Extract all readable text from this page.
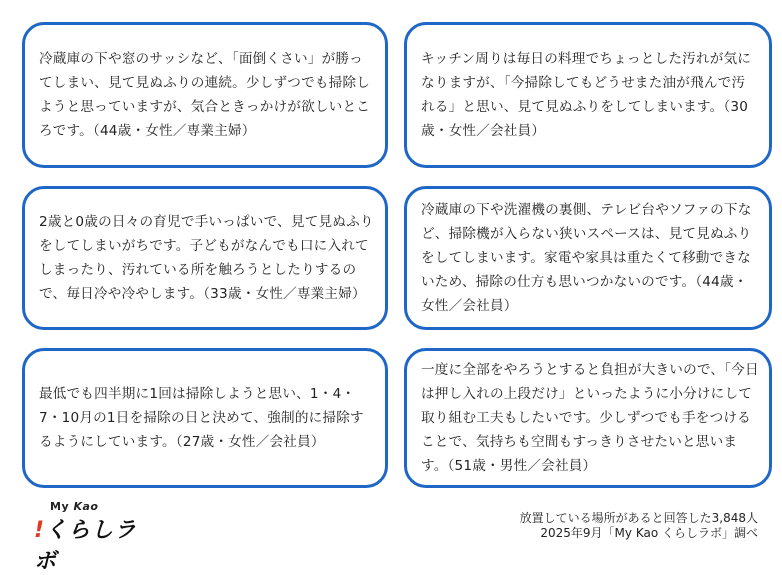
冷蔵庫の下や窓のサッシなど、「面倒くさい」が勝ってしまい、見て見ぬふりの連続。少しずつでも掃除しようと思っていますが、気合ときっかけが欲しいところです。（44歳・女性／専業主婦）

キッチン周りは毎日の料理でちょっとした汚れが気になりますが、「今掃除してもどうせまた油が飛んで汚れる」と思い、見て見ぬふりをしてしまいます。（30歳・女性／会社員）

2歳と0歳の日々の育児で手いっぱいで、見て見ぬふりをしてしまいがちです。子どもがなんでも口に入れてしまったり、汚れている所を触ろうとしたりするので、毎日冷や冷やします。（33歳・女性／専業主婦）

冷蔵庫の下や洗濯機の裏側、テレビ台やソファの下など、掃除機が入らない狭いスペースは、見て見ぬふりをしてしまいます。家電や家具は重たくて移動できないため、掃除の仕方も思いつかないのです。（44歳・女性／会社員）

最低でも四半期に1回は掃除しようと思い、1・4・7・10月の1日を掃除の日と決めて、強制的に掃除するようにしています。（27歳・女性／会社員）

一度に全部をやろうとすると負担が大きいので、「今日は押し入れの上段だけ」といったように小分けにして取り組む工夫もしたいです。少しずつでも手をつけることで、気持ちも空間もすっきりさせたいと思います。（51歳・男性／会社員）

My Kao
!くらしラボ
放置している場所があると回答した3,848人
2025年9月「My Kao くらしラボ」調べ
